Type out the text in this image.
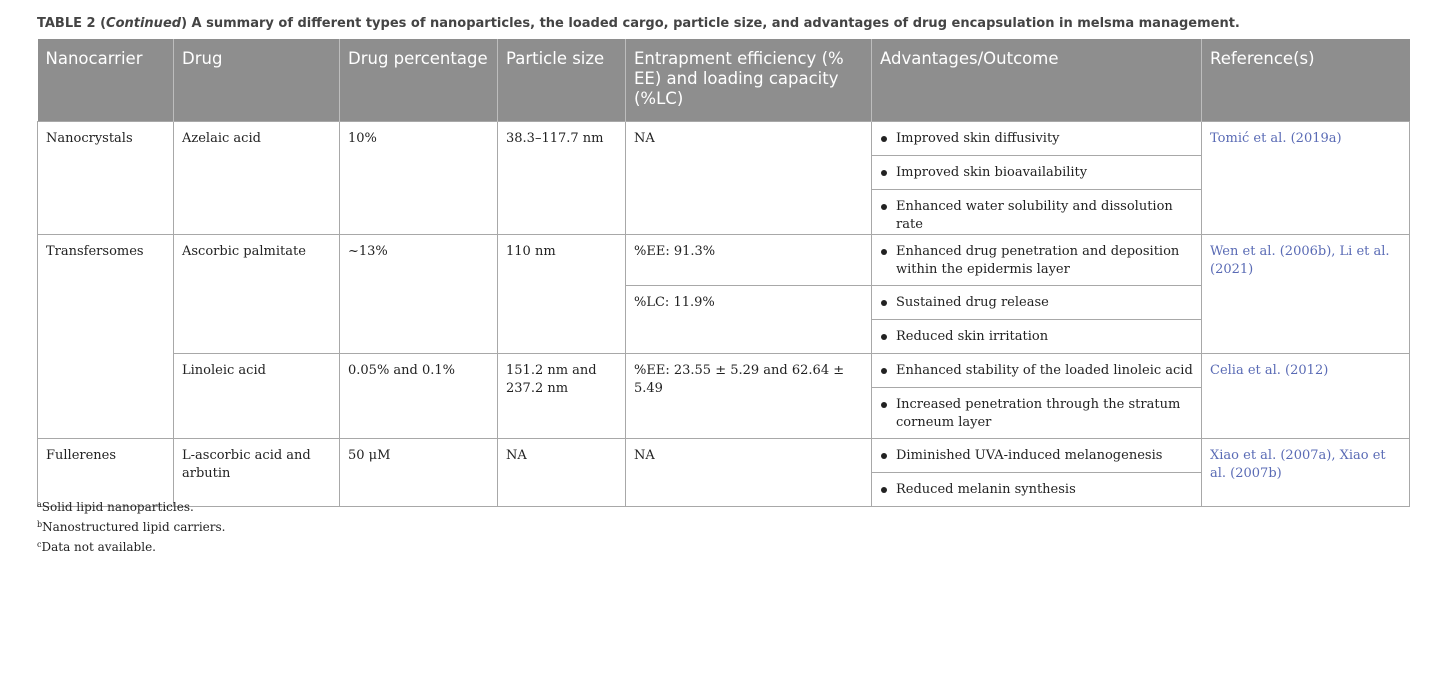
TABLE 2 (Continued) A summary of different types of nanoparticles, the loaded cargo, particle size, and advantages of drug encapsulation in melsma management.
Nanocarrier	Drug	Drug percentage	Particle size	Entrapment efficiency (% EE) and loading capacity (%LC)	Advantages/Outcome	Reference(s)
Nanocrystals	Azelaic acid	10%	38.3–117.7 nm	NA	Improved skin diffusivity	Tomić et al. (2019a)
					Improved skin bioavailability	
					Enhanced water solubility and dissolution rate	
Transfersomes	Ascorbic palmitate	~13%	110 nm	%EE: 91.3%	Enhanced drug penetration and deposition within the epidermis layer	Wen et al. (2006b), Li et al. (2021)
				%LC: 11.9%	Sustained drug release	
					Reduced skin irritation	
	Linoleic acid	0.05% and 0.1%	151.2 nm and 237.2 nm	%EE: 23.55 ± 5.29 and 62.64 ± 5.49	Enhanced stability of the loaded linoleic acid	Celia et al. (2012)
					Increased penetration through the stratum corneum layer	
Fullerenes	L-ascorbic acid and arbutin	50 μM	NA	NA	Diminished UVA-induced melanogenesis	Xiao et al. (2007a), Xiao et al. (2007b)
					Reduced melanin synthesis	
$^a$Solid lipid nanoparticles.
$^b$Nanostructured lipid carriers.
$^c$Data not available.
